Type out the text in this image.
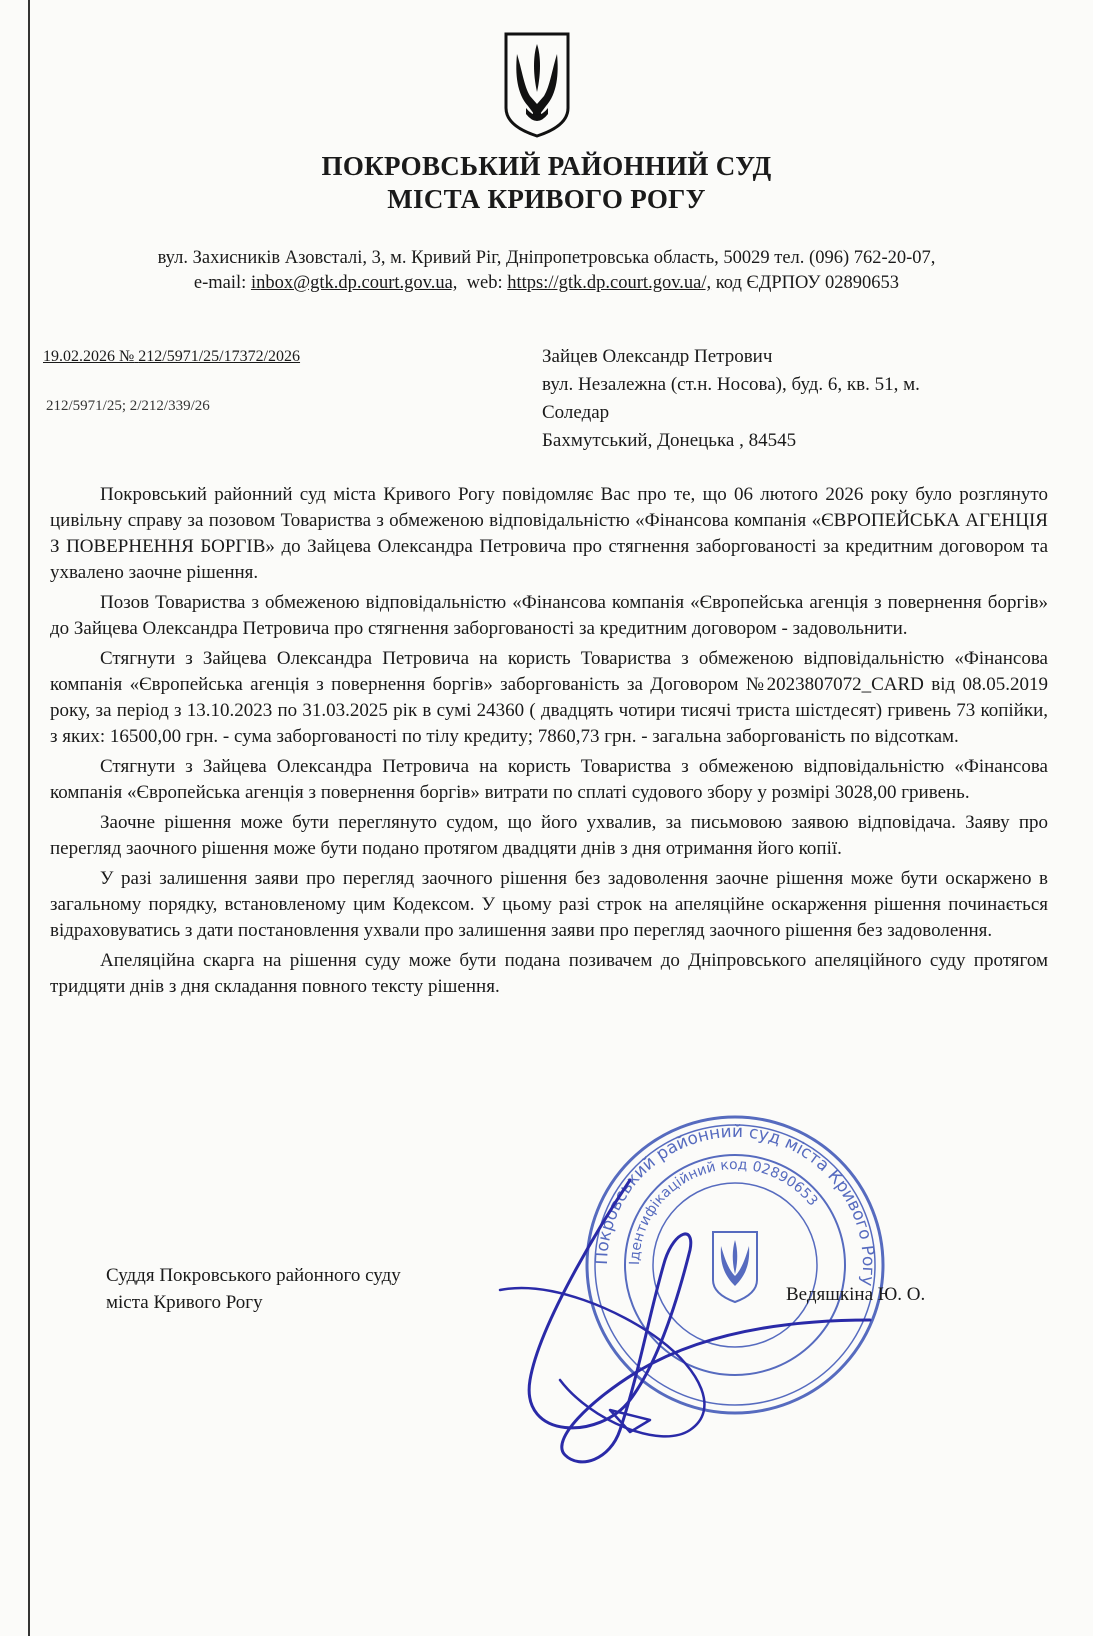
ПОКРОВСЬКИЙ РАЙОННИЙ СУД
МІСТА КРИВОГО РОГУ
вул. Захисників Азовсталі, 3, м. Кривий Ріг, Дніпропетровська область, 50029 тел. (096) 762-20-07,
e-mail: inbox@gtk.dp.court.gov.ua, web: https://gtk.dp.court.gov.ua/, код ЄДРПОУ 02890653
19.02.2026 № 212/5971/25/17372/2026
212/5971/25; 2/212/339/26
Зайцев Олександр Петрович
вул. Незалежна (ст.н. Носова), буд. 6, кв. 51, м.
Соледар
Бахмутський, Донецька , 84545

Покровський районний суд міста Кривого Рогу повідомляє Вас про те, що 06 лютого 2026 року було розглянуто цивільну справу за позовом Товариства з обмеженою відповідальністю «Фінансова компанія «ЄВРОПЕЙСЬКА АГЕНЦІЯ З ПОВЕРНЕННЯ БОРГІВ» до Зайцева Олександра Петровича про стягнення заборгованості за кредитним договором та ухвалено заочне рішення.

Позов Товариства з обмеженою відповідальністю «Фінансова компанія «Європейська агенція з повернення боргів» до Зайцева Олександра Петровича про стягнення заборгованості за кредитним договором - задовольнити.

Стягнути з Зайцева Олександра Петровича на користь Товариства з обмеженою відповідальністю «Фінансова компанія «Європейська агенція з повернення боргів» заборгованість за Договором №2023807072_CARD від 08.05.2019 року, за період з 13.10.2023 по 31.03.2025 рік в сумі 24360 ( двадцять чотири тисячі триста шістдесят) гривень 73 копійки, з яких: 16500,00 грн. - сума заборгованості по тілу кредиту; 7860,73 грн. - загальна заборгованість по відсоткам.

Стягнути з Зайцева Олександра Петровича на користь Товариства з обмеженою відповідальністю «Фінансова компанія «Європейська агенція з повернення боргів» витрати по сплаті судового збору у розмірі 3028,00 гривень.

Заочне рішення може бути переглянуто судом, що його ухвалив, за письмовою заявою відповідача. Заяву про перегляд заочного рішення може бути подано протягом двадцяти днів з дня отримання його копії.

У разі залишення заяви про перегляд заочного рішення без задоволення заочне рішення може бути оскаржено в загальному порядку, встановленому цим Кодексом. У цьому разі строк на апеляційне оскарження рішення починається відраховуватись з дати постановлення ухвали про залишення заяви про перегляд заочного рішення без задоволення.

Апеляційна скарга на рішення суду може бути подана позивачем до Дніпровського апеляційного суду протягом тридцяти днів з дня складання повного тексту рішення.

Покровський районний суд міста Кривого Рогу
Ідентифікаційний код 02890653
Суддя Покровського районного суду
міста Кривого Рогу	Ведяшкіна Ю. О.
